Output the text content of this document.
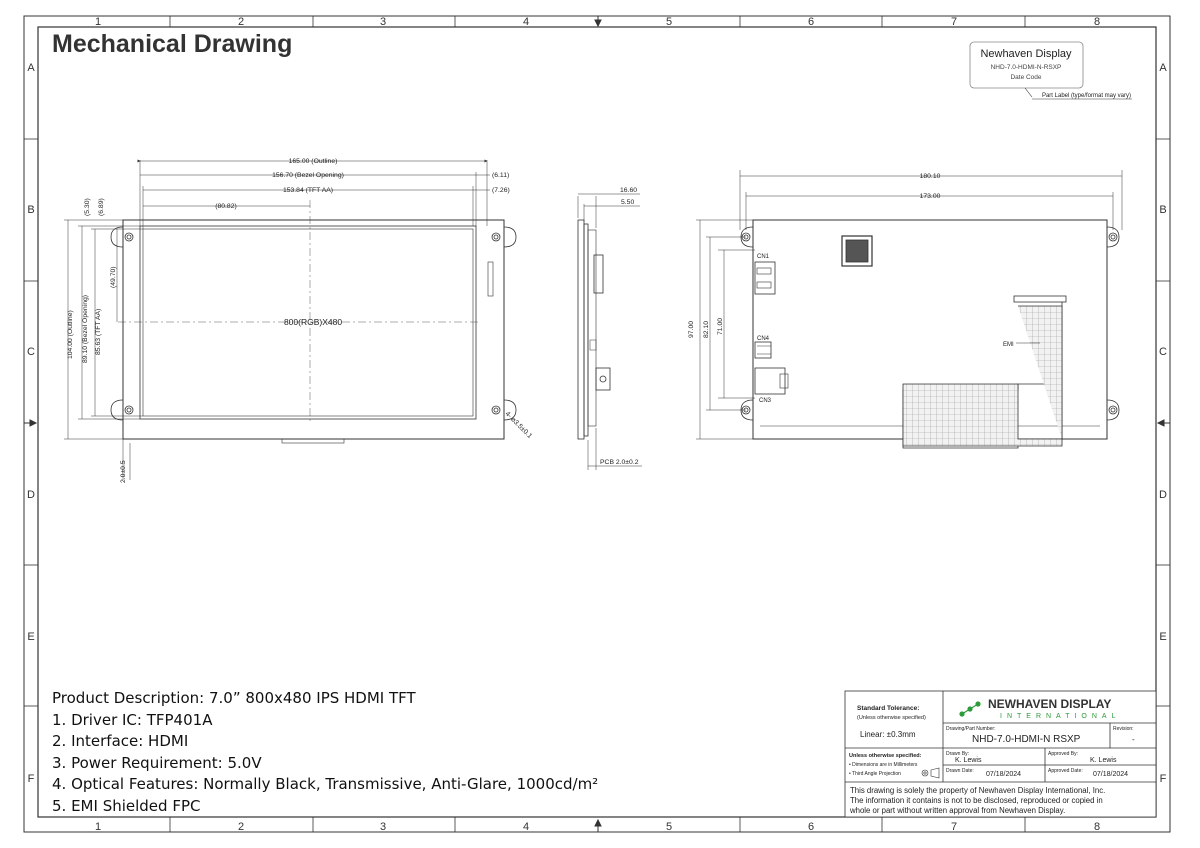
1	2	3	4	5	6	7	8
1	2	3	4	5	6	7	8
A
B
C
D
E
F
A
B
C
D
E
F
Newhaven Display
NHD-7.0-HDMI-N-RSXP
Date Code
Part Label (type/format may vary)
165.00 (Outline)
156.70 (Bezel Opening)
153.84 (TFT AA)
(80.82)
(6.11)
(7.26)
(5.30) (6.89)
(49.70)
104.00 (Outline) 89.10 (Bezel Opening) 85.63 (TFT AA)
2.0±0.5
4- ⌀3.5±0.1
800(RGB)X480
16.60
5.50
PCB 2.0±0.2
180.10
173.00
97.00 82.10 71.00
CN1
CN4
CN3
EMI
Standard Tolerance:
(Unless otherwise specified)
Linear: ±0.3mm
NEWHAVEN DISPLAY
INTERNATIONAL
Drawing/Part Number:
NHD-7.0-HDMI-N RSXP
Revision:
-
Unless otherwise specified:
• Dimensions are in Millimeters
• Third Angle Projection
Drawn By:
K. Lewis
Approved By:
K. Lewis
Drawn Date: 07/18/2024	Approved Date: 07/18/2024
This drawing is solely the property of Newhaven Display International, Inc.
The information it contains is not to be disclosed, reproduced or copied in
whole or part without written approval from Newhaven Display.
Mechanical Drawing
Product Description: 7.0” 800x480 IPS HDMI TFT
1. Driver IC: TFP401A
2. Interface: HDMI
3. Power Requirement: 5.0V
4. Optical Features: Normally Black, Transmissive, Anti-Glare, 1000cd/m²
5. EMI Shielded FPC
